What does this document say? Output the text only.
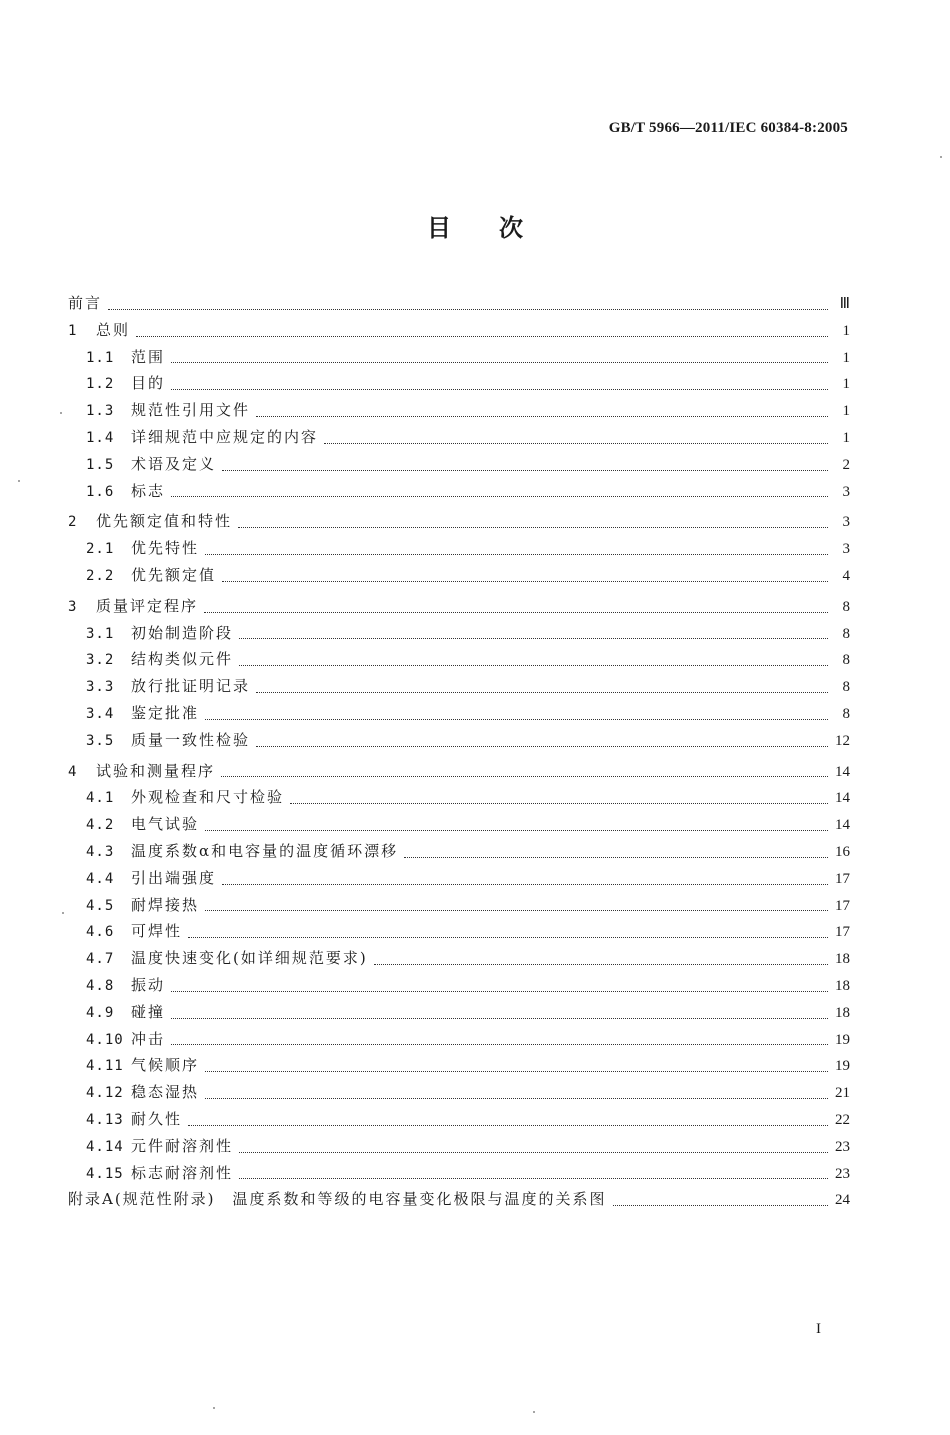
GB/T 5966—2011/IEC 60384-8:2005
目次
前言	Ⅲ
1	总则	1
1.1	范围	1
1.2	目的	1
1.3	规范性引用文件	1
1.4	详细规范中应规定的内容	1
1.5	术语及定义	2
1.6	标志	3
2	优先额定值和特性	3
2.1	优先特性	3
2.2	优先额定值	4
3	质量评定程序	8
3.1	初始制造阶段	8
3.2	结构类似元件	8
3.3	放行批证明记录	8
3.4	鉴定批准	8
3.5	质量一致性检验	12
4	试验和测量程序	14
4.1	外观检查和尺寸检验	14
4.2	电气试验	14
4.3	温度系数α和电容量的温度循环漂移	16
4.4	引出端强度	17
4.5	耐焊接热	17
4.6	可焊性	17
4.7	温度快速变化(如详细规范要求)	18
4.8	振动	18
4.9	碰撞	18
4.10 冲击	19
4.11 气候顺序	19
4.12 稳态湿热	21
4.13 耐久性	22
4.14 元件耐溶剂性	23
4.15 标志耐溶剂性	23
附录A(规范性附录)　温度系数和等级的电容量变化极限与温度的关系图	24
I
